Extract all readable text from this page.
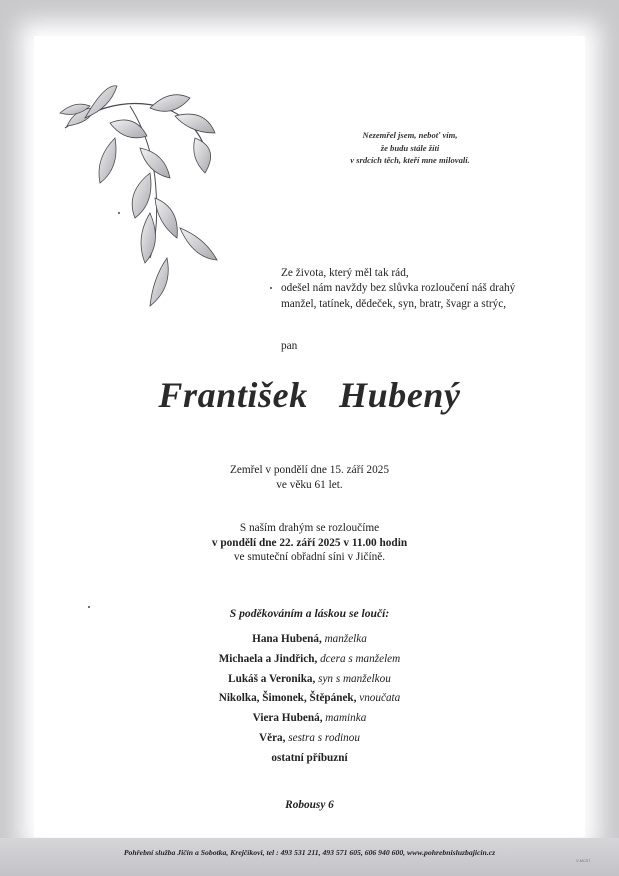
Nezemřel jsem, neboť vím,
že budu stále žíti
v srdcích těch, kteří mne milovali.
Ze života, který měl tak rád,
odešel nám navždy bez slůvka rozloučení náš drahý
manžel, tatínek, dědeček, syn, bratr, švagr a strýc,
pan
František  Hubený
Zemřel v pondělí dne 15. září 2025
ve věku 61 let.
S naším drahým se rozloučíme
v pondělí dne 22. září 2025 v 11.00 hodin
ve smuteční obřadní síni v Jičíně.
S poděkováním a láskou se loučí:
Hana Hubená, manželka
Michaela a Jindřich, dcera s manželem
Lukáš a Veronika, syn s manželkou
Nikolka, Šimonek, Štěpánek, vnoučata
Viera Hubená, maminka
Věra, sestra s rodinou
ostatní příbuzní
Robousy 6
Pohřební služba Jičín a Sobotka, Krejčíkovi, tel : 493 531 211, 493 571 605, 606 940 600, www.pohrebnisluzbajicin.cz
V-MC07
